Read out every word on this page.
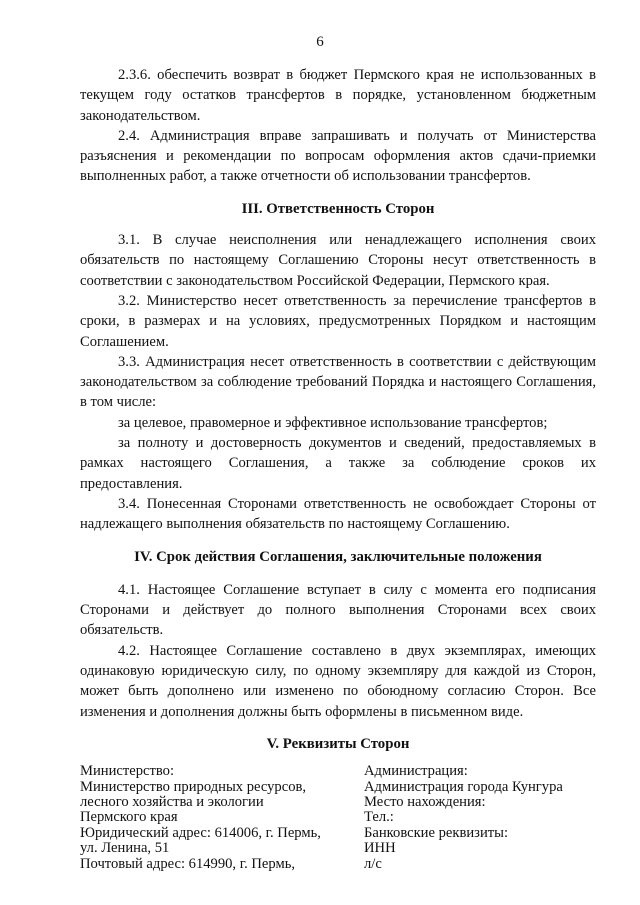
6

2.3.6. обеспечить возврат в бюджет Пермского края не использованных в текущем году остатков трансфертов в порядке, установленном бюджетным законодательством.

2.4. Администрация вправе запрашивать и получать от Министерства разъяснения и рекомендации по вопросам оформления актов сдачи-приемки выполненных работ, а также отчетности об использовании трансфертов.

III. Ответственность Сторон

3.1. В случае неисполнения или ненадлежащего исполнения своих обязательств по настоящему Соглашению Стороны несут ответственность в соответствии с законодательством Российской Федерации, Пермского края.

3.2. Министерство несет ответственность за перечисление трансфертов в сроки, в размерах и на условиях, предусмотренных Порядком и настоящим Соглашением.

3.3. Администрация несет ответственность в соответствии с действующим законодательством за соблюдение требований Порядка и настоящего Соглашения, в том числе:

за целевое, правомерное и эффективное использование трансфертов;

за полноту и достоверность документов и сведений, предоставляемых в рамках настоящего Соглашения, а также за соблюдение сроков их предоставления.

3.4. Понесенная Сторонами ответственность не освобождает Стороны от надлежащего выполнения обязательств по настоящему Соглашению.

IV. Срок действия Соглашения, заключительные положения

4.1. Настоящее Соглашение вступает в силу с момента его подписания Сторонами и действует до полного выполнения Сторонами всех своих обязательств.

4.2. Настоящее Соглашение составлено в двух экземплярах, имеющих одинаковую юридическую силу, по одному экземпляру для каждой из Сторон, может быть дополнено или изменено по обоюдному согласию Сторон. Все изменения и дополнения должны быть оформлены в письменном виде.

V. Реквизиты Сторон
Министерство:
Министерство природных ресурсов,
лесного хозяйства и экологии
Пермского края
Юридический адрес: 614006, г. Пермь,
ул. Ленина, 51
Почтовый адрес: 614990, г. Пермь,
Администрация:
Администрация города Кунгура
Место нахождения:
Тел.:
Банковские реквизиты:
ИНН
л/с
